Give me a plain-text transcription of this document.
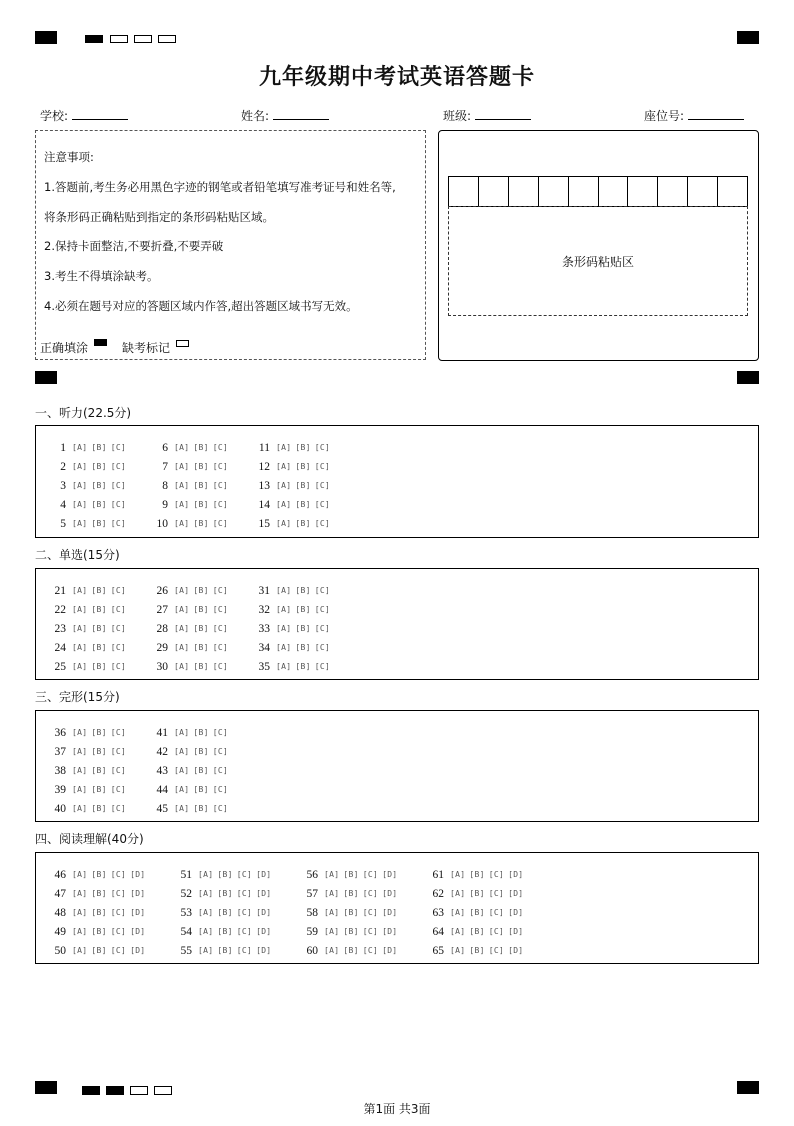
九年级期中考试英语答题卡
学校:	姓名:	班级:	座位号:
注意事项:
1.答题前,考生务必用黑色字迹的钢笔或者铅笔填写准考证号和姓名等,
将条形码正确粘贴到指定的条形码粘贴区域。
2.保持卡面整洁,不要折叠,不要弄破
3.考生不得填涂缺考。
4.必须在题号对应的答题区域内作答,超出答题区域书写无效。
正确填涂	缺考标记
条形码粘贴区
一、听力(22.5分)
1 [A] [B] [C]
2 [A] [B] [C]
3 [A] [B] [C]
4 [A] [B] [C]
5 [A] [B] [C]
6 [A] [B] [C]
7 [A] [B] [C]
8 [A] [B] [C]
9 [A] [B] [C]
10 [A] [B] [C]
11 [A] [B] [C]
12 [A] [B] [C]
13 [A] [B] [C]
14 [A] [B] [C]
15 [A] [B] [C]
二、单选(15分)
21 [A] [B] [C]
22 [A] [B] [C]
23 [A] [B] [C]
24 [A] [B] [C]
25 [A] [B] [C]
26 [A] [B] [C]
27 [A] [B] [C]
28 [A] [B] [C]
29 [A] [B] [C]
30 [A] [B] [C]
31 [A] [B] [C]
32 [A] [B] [C]
33 [A] [B] [C]
34 [A] [B] [C]
35 [A] [B] [C]
三、完形(15分)
36 [A] [B] [C]
37 [A] [B] [C]
38 [A] [B] [C]
39 [A] [B] [C]
40 [A] [B] [C]
41 [A] [B] [C]
42 [A] [B] [C]
43 [A] [B] [C]
44 [A] [B] [C]
45 [A] [B] [C]
四、阅读理解(40分)
46 [A] [B] [C] [D]
47 [A] [B] [C] [D]
48 [A] [B] [C] [D]
49 [A] [B] [C] [D]
50 [A] [B] [C] [D]
51 [A] [B] [C] [D]
52 [A] [B] [C] [D]
53 [A] [B] [C] [D]
54 [A] [B] [C] [D]
55 [A] [B] [C] [D]
56 [A] [B] [C] [D]
57 [A] [B] [C] [D]
58 [A] [B] [C] [D]
59 [A] [B] [C] [D]
60 [A] [B] [C] [D]
61 [A] [B] [C] [D]
62 [A] [B] [C] [D]
63 [A] [B] [C] [D]
64 [A] [B] [C] [D]
65 [A] [B] [C] [D]
第1面 共3面
